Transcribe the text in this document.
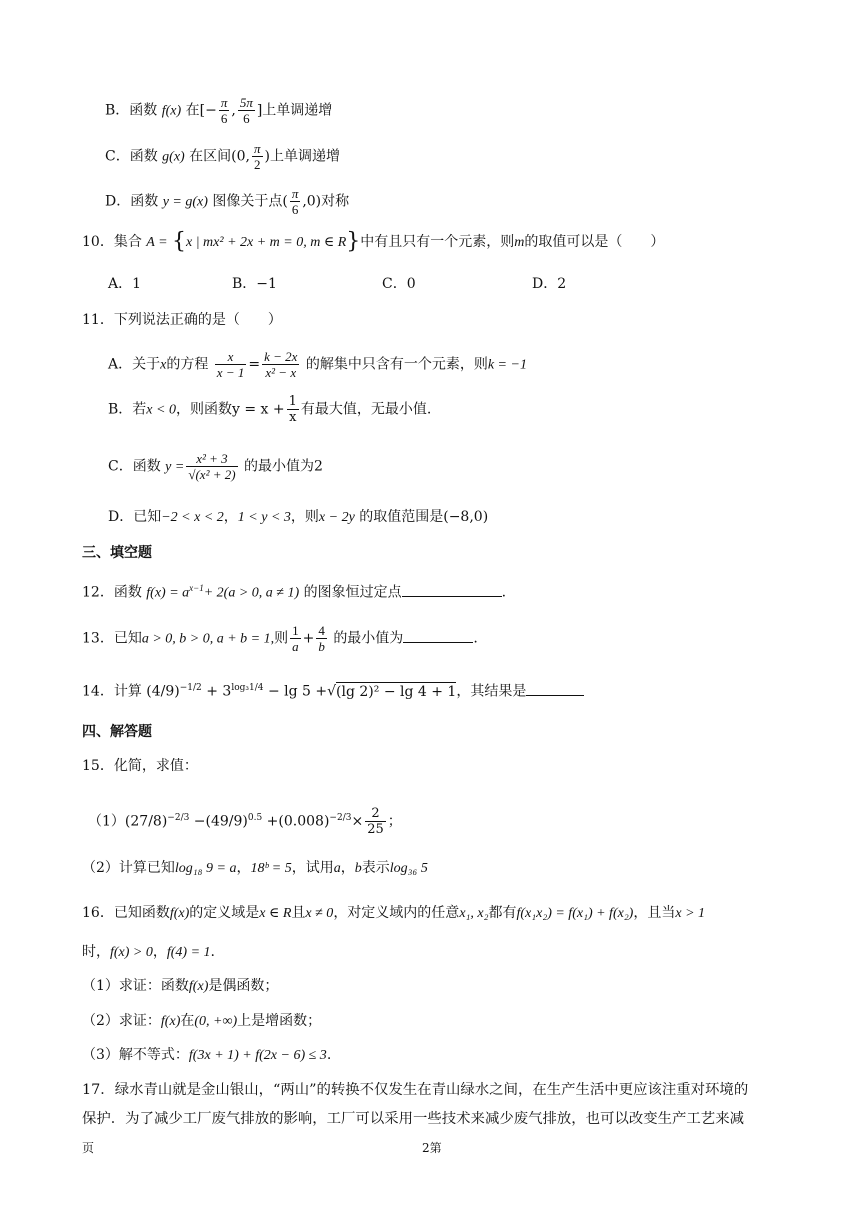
B．函数 f(x) 在[− $\frac{\pi}{6}$ , $\frac{5\pi}{6}$ ]上单调递增
C．函数 g(x) 在区间(0, $\frac{\pi}{2}$ )上单调递增
D．函数 y = g(x) 图像关于点( $\frac{\pi}{6} ,0$)对称
10．集合 A = {x | mx² + 2x + m = 0, m ∈ R}中有且只有一个元素，则m的取值可以是（　　）
A．1	B．−1	C．0	D．2
11．下列说法正确的是（　　）
A．关于x的方程 $\frac{x}{x - 1} = \frac{k - 2x}{\text{x² − x}}$ 的解集中只含有一个元素，则k = −1
B．若x < 0，则函数$y = x + \frac{1}{x}$ 有最大值，无最小值.
C．函数 $y = \frac{\text{x² + 3}}{\text{√(x² + 2)}}$ 的最小值为2
D．已知−2 < x < 2，1 < y < 3，则x − 2y 的取值范围是(−8,0)
三、填空题
12．函数 $f(x) = a^{x-1}+ 2(a > 0$, a ≠ 1) 的图象恒过定点	.
13．已知a > 0, b > 0, a + b = 1,则 $\frac{1}{a} + \frac{4}{b}$ 的最小值为	.
14．计算 $(4/9)^{-1/2} + 3^{log_31/4} - \lg 5 +√(\lg$ 2)² − lg 4 + 1，其结果是
四、解答题
15．化简，求值：
$(1)(27/8)^{-2/3} -(49/9)^{0.5} +(0.008)^{-2/3}\times \frac{2}{25}$ ；
（2）计算已知log₁₈ 9 = a，18ᵇ = 5，试用a，b表示log₃₆ 5
16．已知函数f(x)的定义域是x ∈ R且x ≠ 0，对定义域内的任意x₁, x₂都有f(x₁x₂) = f(x₁) + f(x₂)，且当x > 1
时，f(x) > 0，f(4) = 1.
（1）求证：函数f(x)是偶函数；
（2）求证：f(x)在(0, +∞)上是增函数；
（3）解不等式：f(3x + 1) + f(2x − 6) ≤ 3.
17．绿水青山就是金山银山，“两山”的转换不仅发生在青山绿水之间，在生产生活中更应该注重对环境的
保护．为了减少工厂废气排放的影响，工厂可以采用一些技术来减少废气排放，也可以改变生产工艺来减
页	2第
